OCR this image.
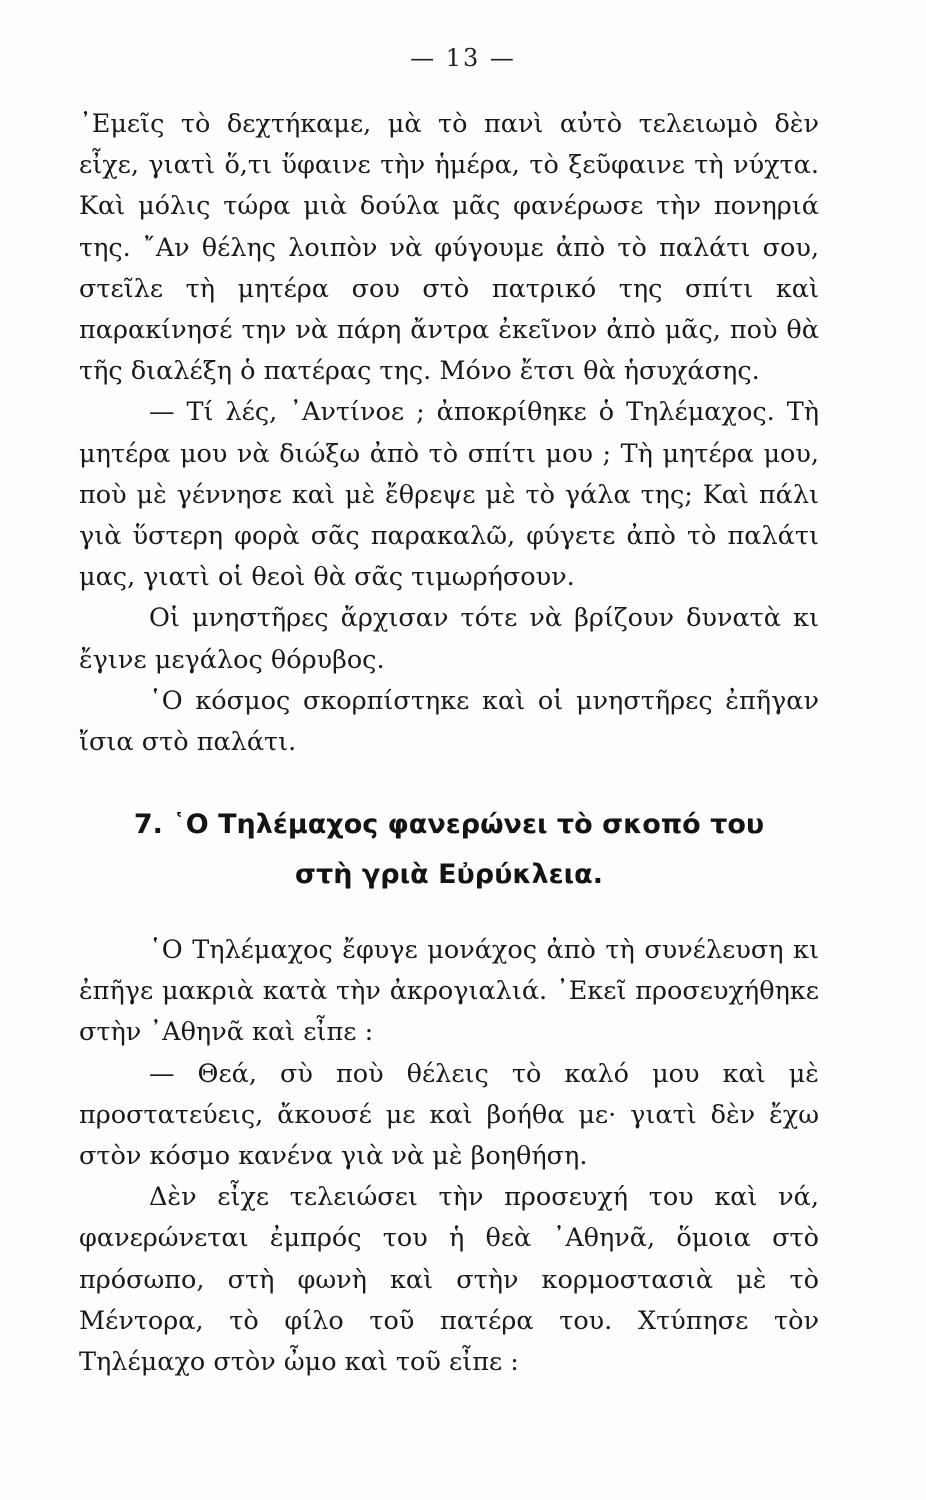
— 13 —

᾿Εμεῖς τὸ δεχτήκαμε, μὰ τὸ πανὶ αὐτὸ τελειωμὸ δὲν εἶχε, γιατὶ ὅ,τι ὕφαινε τὴν ἡμέρα, τὸ ξεῦφαινε τὴ νύχτα. Καὶ μόλις τώρα μιὰ δούλα μᾶς φανέρωσε τὴν πονηριά της. ῎Αν θέλης λοιπὸν νὰ φύγουμε ἀπὸ τὸ παλάτι σου, στεῖλε τὴ μητέρα σου στὸ πατρικό της σπίτι καὶ παρακίνησέ την νὰ πάρη ἄντρα ἐκεῖνον ἀπὸ μᾶς, ποὺ θὰ τῆς διαλέξη ὁ πατέρας της. Μόνο ἔτσι θὰ ἡσυχάσης.

— Τί λές, ᾿Αντίνοε ; ἀποκρίθηκε ὁ Τηλέμαχος. Τὴ μητέρα μου νὰ διώξω ἀπὸ τὸ σπίτι μου ; Τὴ μητέρα μου, ποὺ μὲ γέννησε καὶ μὲ ἔθρεψε μὲ τὸ γάλα της; Καὶ πάλι γιὰ ὕστερη φορὰ σᾶς παρακαλῶ, φύγετε ἀπὸ τὸ παλάτι μας, γιατὶ οἱ θεοὶ θὰ σᾶς τιμωρήσουν.

Οἱ μνηστῆρες ἄρχισαν τότε νὰ βρίζουν δυνατὰ κι ἔγινε μεγάλος θόρυβος.

῾Ο κόσμος σκορπίστηκε καὶ οἱ μνηστῆρες ἐπῆγαν ἴσια στὸ παλάτι.

7. ῾Ο Τηλέμαχος φανερώνει τὸ σκοπό του
στὴ γριὰ Εὐρύκλεια.

῾Ο Τηλέμαχος ἔφυγε μονάχος ἀπὸ τὴ συνέλευση κι ἐπῆγε μακριὰ κατὰ τὴν ἀκρογιαλιά. ᾿Εκεῖ προσευχήθηκε στὴν ᾿Αθηνᾶ καὶ εἶπε :

— Θεά, σὺ ποὺ θέλεις τὸ καλό μου καὶ μὲ προστατεύεις, ἄκουσέ με καὶ βοήθα με· γιατὶ δὲν ἔχω στὸν κόσμο κανένα γιὰ νὰ μὲ βοηθήση.

Δὲν εἶχε τελειώσει τὴν προσευχή του καὶ νά, φανερώνεται ἐμπρός του ἡ θεὰ ᾿Αθηνᾶ, ὅμοια στὸ πρόσωπο, στὴ φωνὴ καὶ στὴν κορμοστασιὰ μὲ τὸ Μέντορα, τὸ φίλο τοῦ πατέρα του. Χτύπησε τὸν Τηλέμαχο στὸν ὦμο καὶ τοῦ εἶπε :
